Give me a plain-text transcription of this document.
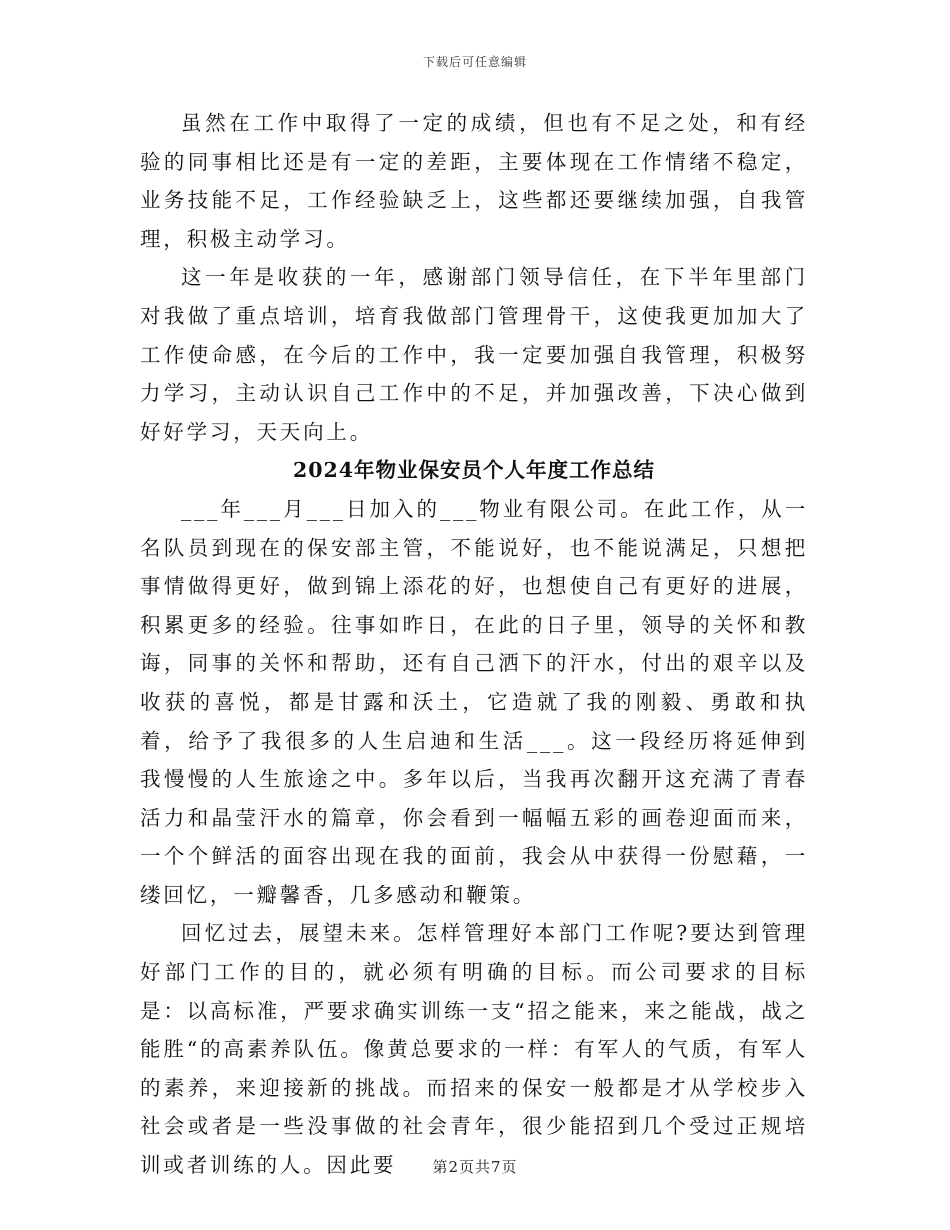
下载后可任意编辑

虽然在工作中取得了一定的成绩，但也有不足之处，和有经验的同事相比还是有一定的差距，主要体现在工作情绪不稳定，业务技能不足，工作经验缺乏上，这些都还要继续加强，自我管理，积极主动学习。

这一年是收获的一年，感谢部门领导信任，在下半年里部门对我做了重点培训，培育我做部门管理骨干，这使我更加加大了工作使命感，在今后的工作中，我一定要加强自我管理，积极努力学习，主动认识自己工作中的不足，并加强改善，下决心做到好好学习，天天向上。

2024年物业保安员个人年度工作总结

___年___月___日加入的___物业有限公司。在此工作，从一名队员到现在的保安部主管，不能说好，也不能说满足，只想把事情做得更好，做到锦上添花的好，也想使自己有更好的进展，积累更多的经验。往事如昨日，在此的日子里，领导的关怀和教诲，同事的关怀和帮助，还有自己洒下的汗水，付出的艰辛以及收获的喜悦，都是甘露和沃土，它造就了我的刚毅、勇敢和执着，给予了我很多的人生启迪和生活___。这一段经历将延伸到我慢慢的人生旅途之中。多年以后，当我再次翻开这充满了青春活力和晶莹汗水的篇章，你会看到一幅幅五彩的画卷迎面而来，一个个鲜活的面容出现在我的面前，我会从中获得一份慰藉，一缕回忆，一瓣馨香，几多感动和鞭策。

回忆过去，展望未来。怎样管理好本部门工作呢?要达到管理好部门工作的目的，就必须有明确的目标。而公司要求的目标是：以高标准，严要求确实训练一支“招之能来，来之能战，战之能胜“的高素养队伍。像黄总要求的一样：有军人的气质，有军人的素养，来迎接新的挑战。而招来的保安一般都是才从学校步入社会或者是一些没事做的社会青年，很少能招到几个受过正规培训或者训练的人。因此要	第2页共7页
